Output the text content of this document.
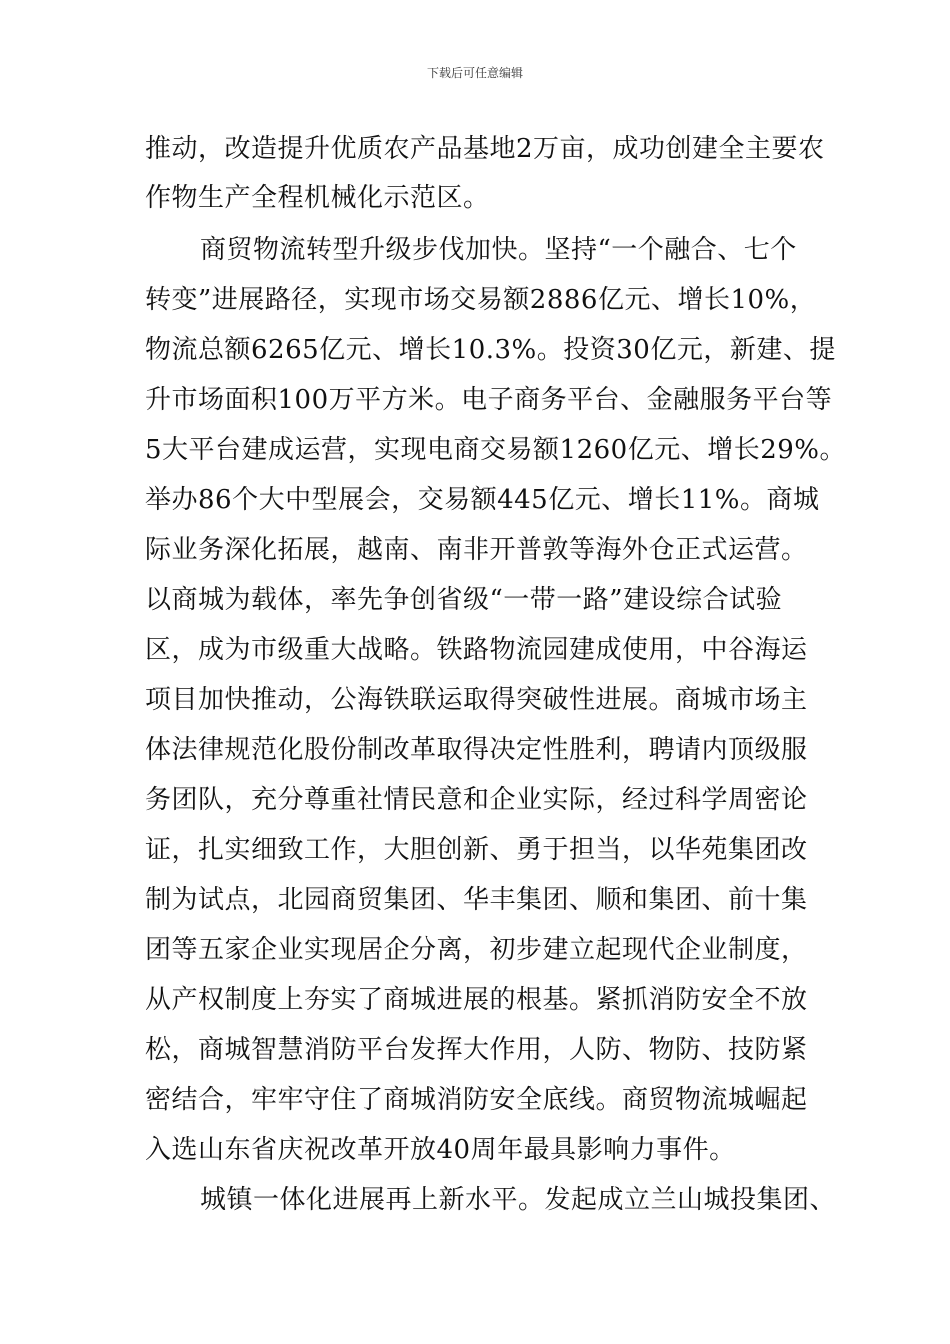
下载后可任意编辑
推动，改造提升优质农产品基地2万亩，成功创建全主要农
作物生产全程机械化示范区。
商贸物流转型升级步伐加快。坚持“一个融合、七个
转变”进展路径，实现市场交易额2886亿元、增长10%，
物流总额6265亿元、增长10.3%。投资30亿元，新建、提
升市场面积100万平方米。电子商务平台、金融服务平台等
5大平台建成运营，实现电商交易额1260亿元、增长29%。
举办86个大中型展会，交易额445亿元、增长11%。商城
际业务深化拓展，越南、南非开普敦等海外仓正式运营。
以商城为载体，率先争创省级“一带一路”建设综合试验
区，成为市级重大战略。铁路物流园建成使用，中谷海运
项目加快推动，公海铁联运取得突破性进展。商城市场主
体法律规范化股份制改革取得决定性胜利，聘请内顶级服
务团队，充分尊重社情民意和企业实际，经过科学周密论
证，扎实细致工作，大胆创新、勇于担当，以华苑集团改
制为试点，北园商贸集团、华丰集团、顺和集团、前十集
团等五家企业实现居企分离，初步建立起现代企业制度，
从产权制度上夯实了商城进展的根基。紧抓消防安全不放
松，商城智慧消防平台发挥大作用，人防、物防、技防紧
密结合，牢牢守住了商城消防安全底线。商贸物流城崛起
入选山东省庆祝改革开放40周年最具影响力事件。
城镇一体化进展再上新水平。发起成立兰山城投集团、
